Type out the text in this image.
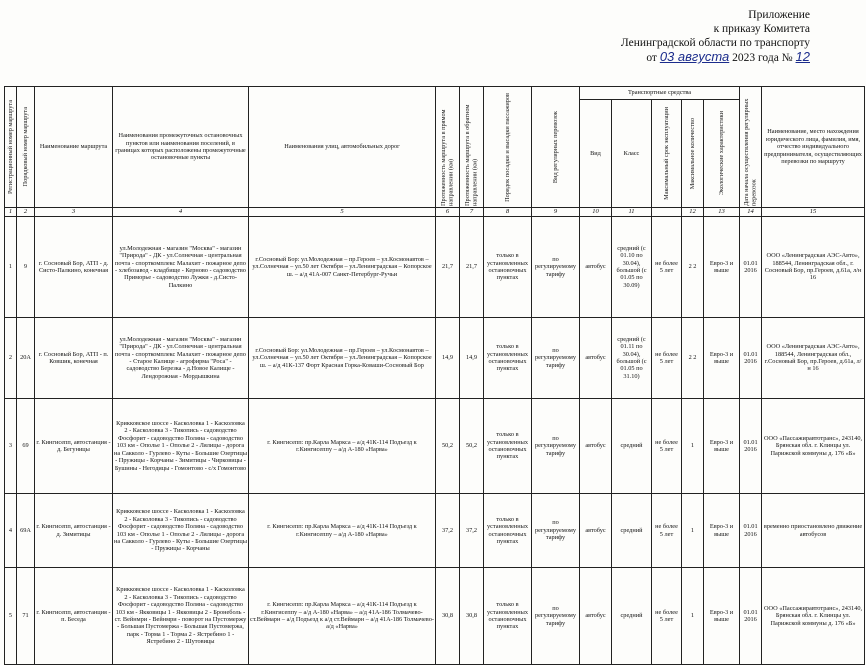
Приложение
к приказу Комитета
Ленинградской области по транспорту
от 03 августа 2023 года № 12
Регистрационный номер маршрута	Порядковый номер маршрута	Наименование маршрута	Наименования промежуточных остановочных пунктов или наименования поселений, в границах которых расположены промежуточные остановочные пункты	Наименования улиц, автомобильных дорог	Протяженность маршрута в прямом направлении (км)	Протяженность маршрута в обратном направлении (км)	Порядок посадки и высадки пассажиров	Вид регулярных перевозок	Транспортные средства					Дата начала осуществления регулярных перевозок	Наименование, место нахождения юридического лица, фамилия, имя, отчество индивидуального предпринимателя, осуществляющих перевозки по маршруту
									Вид	Класс	Максимальный срок эксплуатации	Максимальное количество	Экологические характеристики		

1	2	3	4	5	6	7	8	9	10	11		12	13	14	15
1	9	г. Сосновый Бор, АТП - д. Систо-Палкино, конечная	ул.Молодежная - магазин "Москва" - магазин "Природа" - ДК - ул.Солнечная - центральная почта - спорткомплекс Малахит - пожарное депо - хлебозавод - кладбище - Керново - садоводство Приморье - садоводство Лужки - д.Систо-Палкино	г.Сосновый Бор: ул.Молодежная – пр.Героев – ул.Космонавтов – ул.Солнечная – ул.50 лет Октября – ул.Ленинградская – Копорское ш. – а/д 41А-007 Санкт-Петербург-Ручьи	21,7	21,7	только в установленных остановочных пунктах	по регулируемому тарифу	автобус	средний (с 01.10 по 30.04), большой (с 01.05 по 30.09)	не более 5 лет	2 2	Евро-3 и выше	01.01 2016	ООО «Ленинградская АЭС-Авто», 188544, Ленинградская обл., г. Сосновый Бор, пр.Героев, д.61а, л/н 16
2	20А	г. Сосновый Бор, АТП - п. Ковшик, конечная	ул.Молодежная - магазин "Москва" - магазин "Природа" - ДК - ул.Солнечная - центральная почта - спорткомплекс Малахит - пожарное депо - Старое Калище - агрофирма "Роса" - садоводство Березка - д.Новое Калище - Лендорожная - Мордышкина	г.Сосновый Бор: ул.Молодежная – пр.Героев – ул.Космонавтов – ул.Солнечная – ул.50 лет Октября – ул.Ленинградская – Копорское ш. – а/д 41К-137 Форт Красная Горка-Коваши-Сосновый Бор	14,9	14,9	только в установленных остановочных пунктах	по регулируемому тарифу	автобус	средний (с 01.11 по 30.04), большой (с 01.05 по 31.10)	не более 5 лет	2 2	Евро-3 и выше	01.01 2016	ООО «Ленинградская АЭС-Авто», 188544, Ленинградская обл., г.Сосновый Бор, пр.Героев, д.61а, л/н 16
3	69	г. Кингисепп, автостанция - д. Бегуницы	Крикковское шоссе - Касколовка 1 - Касколовка 2 - Касколовка 3 - Тикопись - садоводство Фосфорит - садоводство Поляна - садоводство 103 км - Ополье 1 - Ополье 2 - Лялицы - дорога на Сакколо - Гурлево - Куты - Большие Озертицы - Пружицы - Корчаны - Зимитицы - Чирковицы - Бушины - Негодицы - Гомонтово - с/х Гомонтово	г. Кингисепп: пр.Карла Маркса – а/д 41К-114 Подъезд к г.Кингисеппу – а/д А-180 «Нарва»	50,2	50,2	только в установленных остановочных пунктах	по регулируемому тарифу	автобус	средний	не более 5 лет	1	Евро-3 и выше	01.01 2016	ООО «Пассажиравтотранс», 243140, Брянская обл. г. Клинцы ул. Парижской коммуны д. 176 «Б»
4	69А	г. Кингисепп, автостанция - д. Зимитицы	Крикковское шоссе - Касколовка 1 - Касколовка 2 - Касколовка 3 - Тикопись - садоводство Фосфорит - садоводство Поляна - садоводство 103 км - Ополье 1 - Ополье 2 - Лялицы - дорога на Сакколо - Гурлево - Куты - Большие Озертицы - Пружицы - Корчаны	г. Кингисепп: пр.Карла Маркса – а/д 41К-114 Подъезд к г.Кингисеппу – а/д А-180 «Нарва»	37,2	37,2	только в установленных остановочных пунктах	по регулируемому тарифу	автобус	средний	не более 5 лет	1	Евро-3 и выше	01.01 2016	временно приостановлено движение автобусов
5	71	г. Кингисепп, автостанция - п. Беседа	Крикковское шоссе - Касколовка 1 - Касколовка 2 - Касколовка 3 - Тикопись - садоводство Фосфорит - садоводство Поляна - садоводство 103 км - Якковицы 1 - Якковицы 2 - Бронеболь - ст. Вейнмри - Вейнмри - поворот на Пустомержу - Большая Пустомержа - Большая Пустомержа, парк - Торма 1 - Торма 2 - Ястребино 1 - Ястребино 2 - Шутовицы	г. Кингисепп: пр.Карла Маркса – а/д 41К-114 Подъезд к г.Кингисеппу – а/д А-180 «Нарва» – а/д 41А-186 Толмачево-ст.Веймарн – а/д Подъезд к а/д ст.Веймарн – а/д 41А-186 Толмачево-а/д «Нарва»	30,8	30,8	только в установленных остановочных пунктах	по регулируемому тарифу	автобус	средний	не более 5 лет	1	Евро-3 и выше	01.01 2016	ООО «Пассажиравтотранс», 243140, Брянская обл. г. Клинцы ул. Парижской коммуны д. 176 «Б»
